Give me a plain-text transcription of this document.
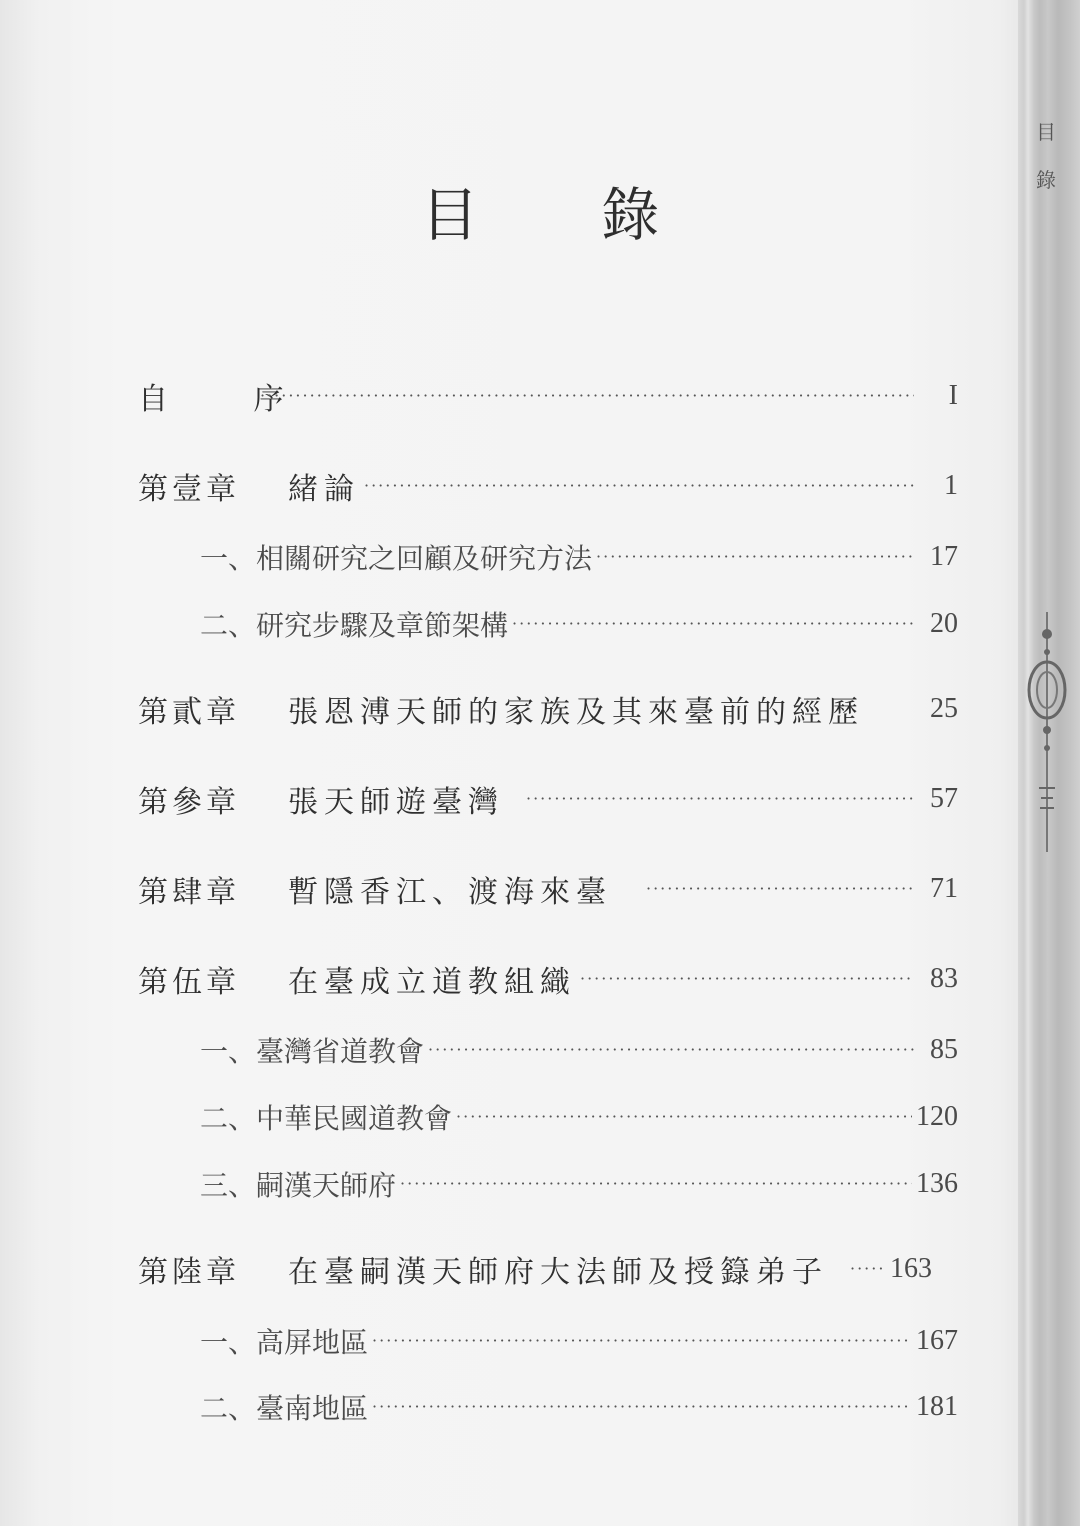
目
錄
目 錄
自 序 ·····	I
第壹章	緒論 ·····	1
一、 相關研究之回顧及研究方法 ·····	17
二、 研究步驟及章節架構 ·····	20
第貳章	張恩溥天師的家族及其來臺前的經歷	25
第參章	張天師遊臺灣 ·····	57
第肆章	暫隱香江、渡海來臺 ·····	71
第伍章	在臺成立道教組織 ·····	83
一、 臺灣省道教會 ·····	85
二、 中華民國道教會 ·····	120
三、 嗣漢天師府 ·····	136
第陸章	在臺嗣漢天師府大法師及授籙弟子 ····· 163
一、 高屏地區 ·····	167
二、 臺南地區 ·····	181
